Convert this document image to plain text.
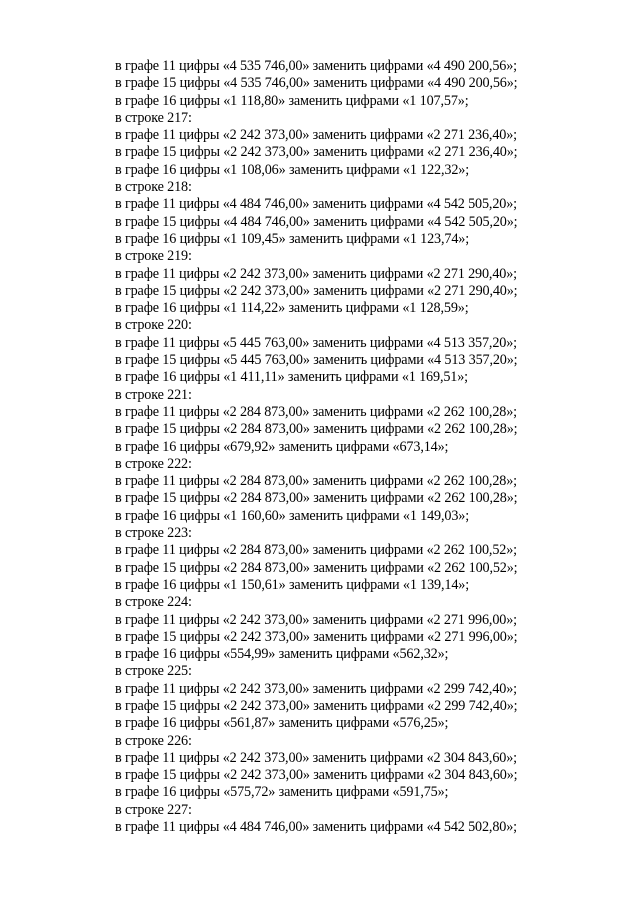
в графе 11 цифры «4 535 746,00» заменить цифрами «4 490 200,56»;
в графе 15 цифры «4 535 746,00» заменить цифрами «4 490 200,56»;
в графе 16 цифры «1 118,80» заменить цифрами «1 107,57»;
в строке 217:
в графе 11 цифры «2 242 373,00» заменить цифрами «2 271 236,40»;
в графе 15 цифры «2 242 373,00» заменить цифрами «2 271 236,40»;
в графе 16 цифры «1 108,06» заменить цифрами «1 122,32»;
в строке 218:
в графе 11 цифры «4 484 746,00» заменить цифрами «4 542 505,20»;
в графе 15 цифры «4 484 746,00» заменить цифрами «4 542 505,20»;
в графе 16 цифры «1 109,45» заменить цифрами «1 123,74»;
в строке 219:
в графе 11 цифры «2 242 373,00» заменить цифрами «2 271 290,40»;
в графе 15 цифры «2 242 373,00» заменить цифрами «2 271 290,40»;
в графе 16 цифры «1 114,22» заменить цифрами «1 128,59»;
в строке 220:
в графе 11 цифры «5 445 763,00» заменить цифрами «4 513 357,20»;
в графе 15 цифры «5 445 763,00» заменить цифрами «4 513 357,20»;
в графе 16 цифры «1 411,11» заменить цифрами «1 169,51»;
в строке 221:
в графе 11 цифры «2 284 873,00» заменить цифрами «2 262 100,28»;
в графе 15 цифры «2 284 873,00» заменить цифрами «2 262 100,28»;
в графе 16 цифры «679,92» заменить цифрами «673,14»;
в строке 222:
в графе 11 цифры «2 284 873,00» заменить цифрами «2 262 100,28»;
в графе 15 цифры «2 284 873,00» заменить цифрами «2 262 100,28»;
в графе 16 цифры «1 160,60» заменить цифрами «1 149,03»;
в строке 223:
в графе 11 цифры «2 284 873,00» заменить цифрами «2 262 100,52»;
в графе 15 цифры «2 284 873,00» заменить цифрами «2 262 100,52»;
в графе 16 цифры «1 150,61» заменить цифрами «1 139,14»;
в строке 224:
в графе 11 цифры «2 242 373,00» заменить цифрами «2 271 996,00»;
в графе 15 цифры «2 242 373,00» заменить цифрами «2 271 996,00»;
в графе 16 цифры «554,99» заменить цифрами «562,32»;
в строке 225:
в графе 11 цифры «2 242 373,00» заменить цифрами «2 299 742,40»;
в графе 15 цифры «2 242 373,00» заменить цифрами «2 299 742,40»;
в графе 16 цифры «561,87» заменить цифрами «576,25»;
в строке 226:
в графе 11 цифры «2 242 373,00» заменить цифрами «2 304 843,60»;
в графе 15 цифры «2 242 373,00» заменить цифрами «2 304 843,60»;
в графе 16 цифры «575,72» заменить цифрами «591,75»;
в строке 227:
в графе 11 цифры «4 484 746,00» заменить цифрами «4 542 502,80»;
